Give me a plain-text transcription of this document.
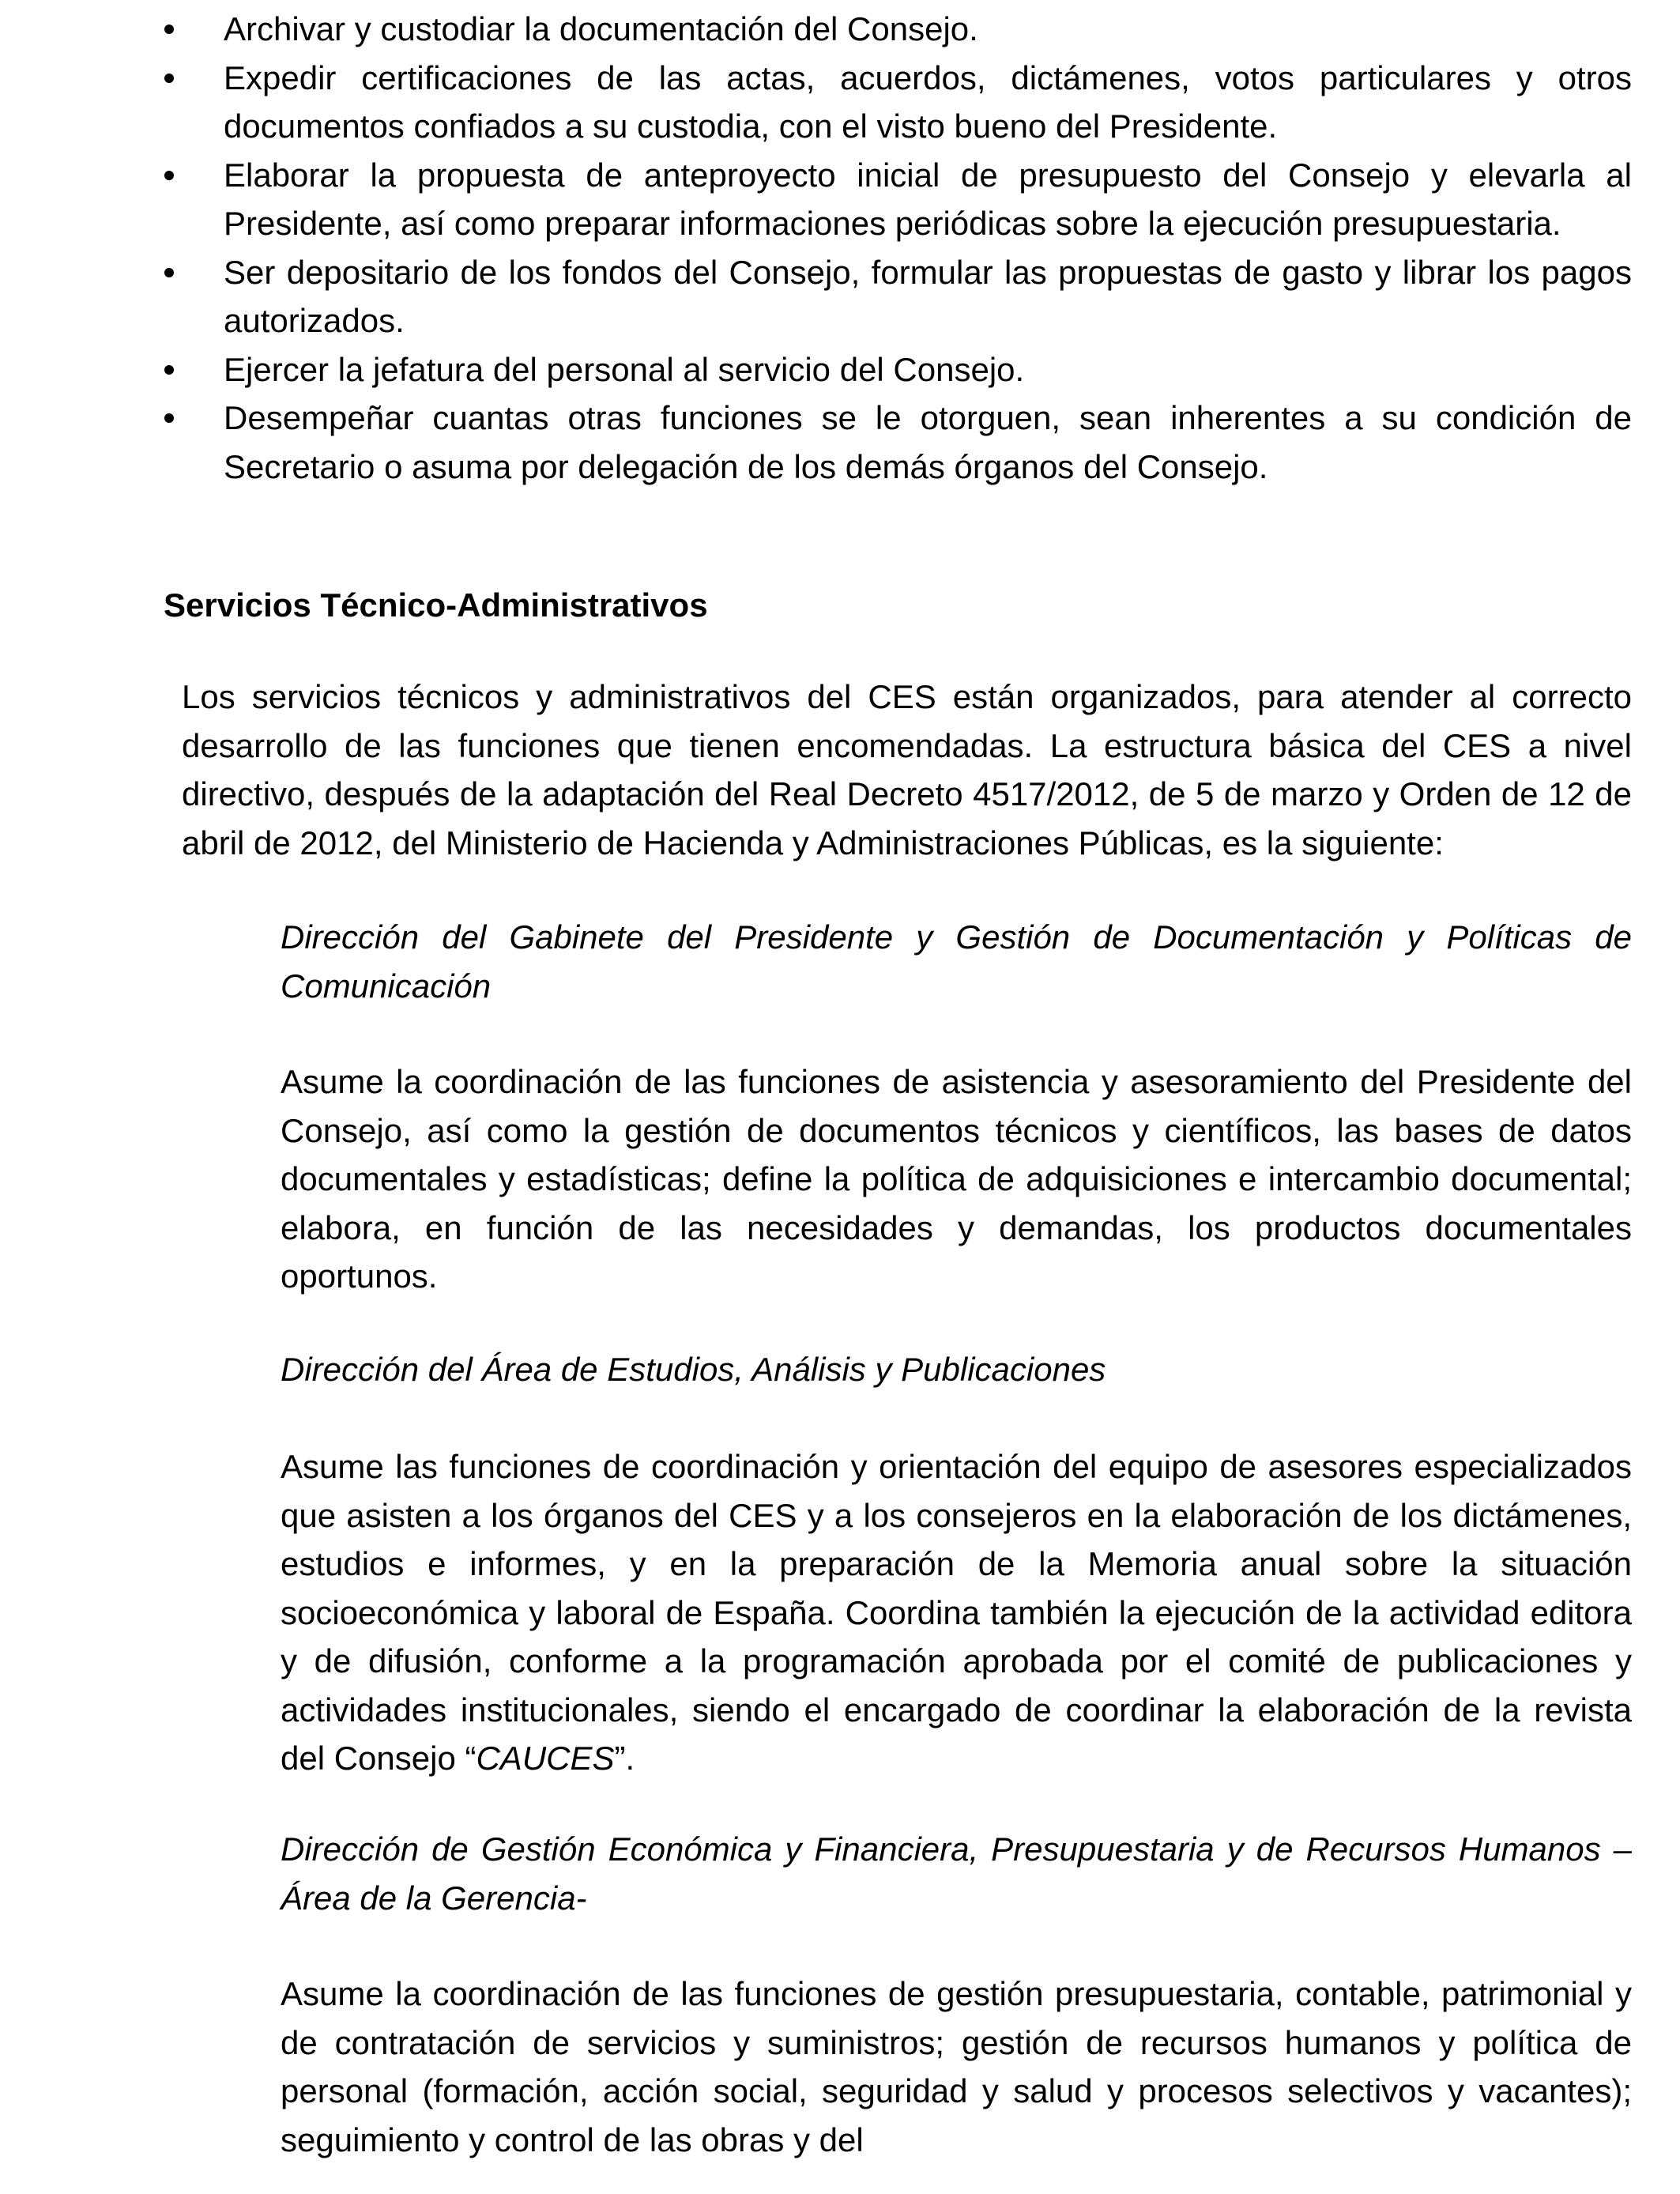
Archivar y custodiar la documentación del Consejo.
Expedir certificaciones de las actas, acuerdos, dictámenes, votos particulares y otros documentos confiados a su custodia, con el visto bueno del Presidente.
Elaborar la propuesta de anteproyecto inicial de presupuesto del Consejo y elevarla al Presidente, así como preparar informaciones periódicas sobre la ejecución presupuestaria.
Ser depositario de los fondos del Consejo, formular las propuestas de gasto y librar los pagos autorizados.
Ejercer la jefatura del personal al servicio del Consejo.
Desempeñar cuantas otras funciones se le otorguen, sean inherentes a su condición de Secretario o asuma por delegación de los demás órganos del Consejo.
Servicios Técnico-Administrativos

Los servicios técnicos y administrativos del CES están organizados, para atender al correcto desarrollo de las funciones que tienen encomendadas. La estructura básica del CES a nivel directivo, después de la adaptación del Real Decreto 4517/2012, de 5 de marzo y Orden de 12 de abril de 2012, del Ministerio de Hacienda y Administraciones Públicas, es la siguiente:

Dirección del Gabinete del Presidente y Gestión de Documentación y Políticas de Comunicación

Asume la coordinación de las funciones de asistencia y asesoramiento del Presidente del Consejo, así como la gestión de documentos técnicos y científicos, las bases de datos documentales y estadísticas; define la política de adquisiciones e intercambio documental; elabora, en función de las necesidades y demandas, los productos documentales oportunos.

Dirección del Área de Estudios, Análisis y Publicaciones

Asume las funciones de coordinación y orientación del equipo de asesores especializados que asisten a los órganos del CES y a los consejeros en la elaboración de los dictámenes, estudios e informes, y en la preparación de la Memoria anual sobre la situación socioeconómica y laboral de España. Coordina también la ejecución de la actividad editora y de difusión, conforme a la programación aprobada por el comité de publicaciones y actividades institucionales, siendo el encargado de coordinar la elaboración de la revista del Consejo “CAUCES”.

Dirección de Gestión Económica y Financiera, Presupuestaria y de Recursos Humanos –Área de la Gerencia-

Asume la coordinación de las funciones de gestión presupuestaria, contable, patrimonial y de contratación de servicios y suministros; gestión de recursos humanos y política de personal (formación, acción social, seguridad y salud y procesos selectivos y vacantes); seguimiento y control de las obras y del
